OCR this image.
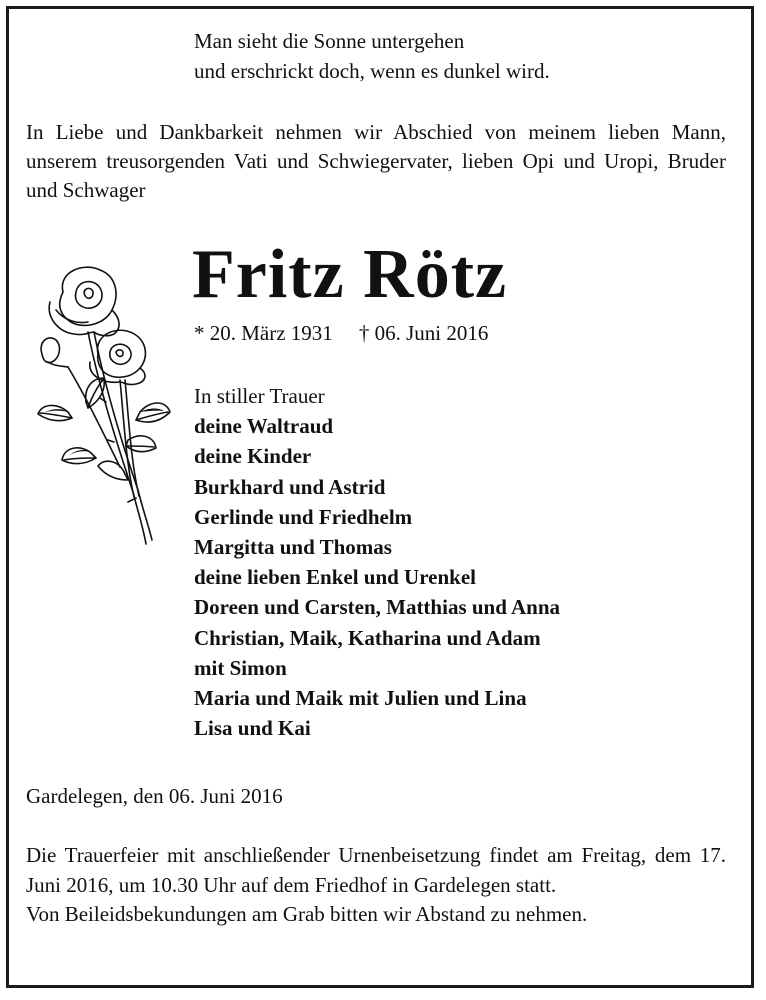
Man sieht die Sonne untergehen
und erschrickt doch, wenn es dunkel wird.
In Liebe und Dankbarkeit nehmen wir Abschied von meinem lieben Mann, unserem treusorgenden Vati und Schwiegervater, lieben Opi und Uropi, Bruder und Schwager
Fritz Rötz
* 20. März 1931 † 06. Juni 2016
In stiller Trauer
deine Waltraud
deine Kinder
Burkhard und Astrid
Gerlinde und Friedhelm
Margitta und Thomas
deine lieben Enkel und Urenkel
Doreen und Carsten, Matthias und Anna
Christian, Maik, Katharina und Adam
mit Simon
Maria und Maik mit Julien und Lina
Lisa und Kai
Gardelegen, den 06. Juni 2016
Die Trauerfeier mit anschließender Urnenbeisetzung findet am Freitag, dem 17. Juni 2016, um 10.30 Uhr auf dem Friedhof in Gardelegen statt.
Von Beileidsbekundungen am Grab bitten wir Abstand zu nehmen.
